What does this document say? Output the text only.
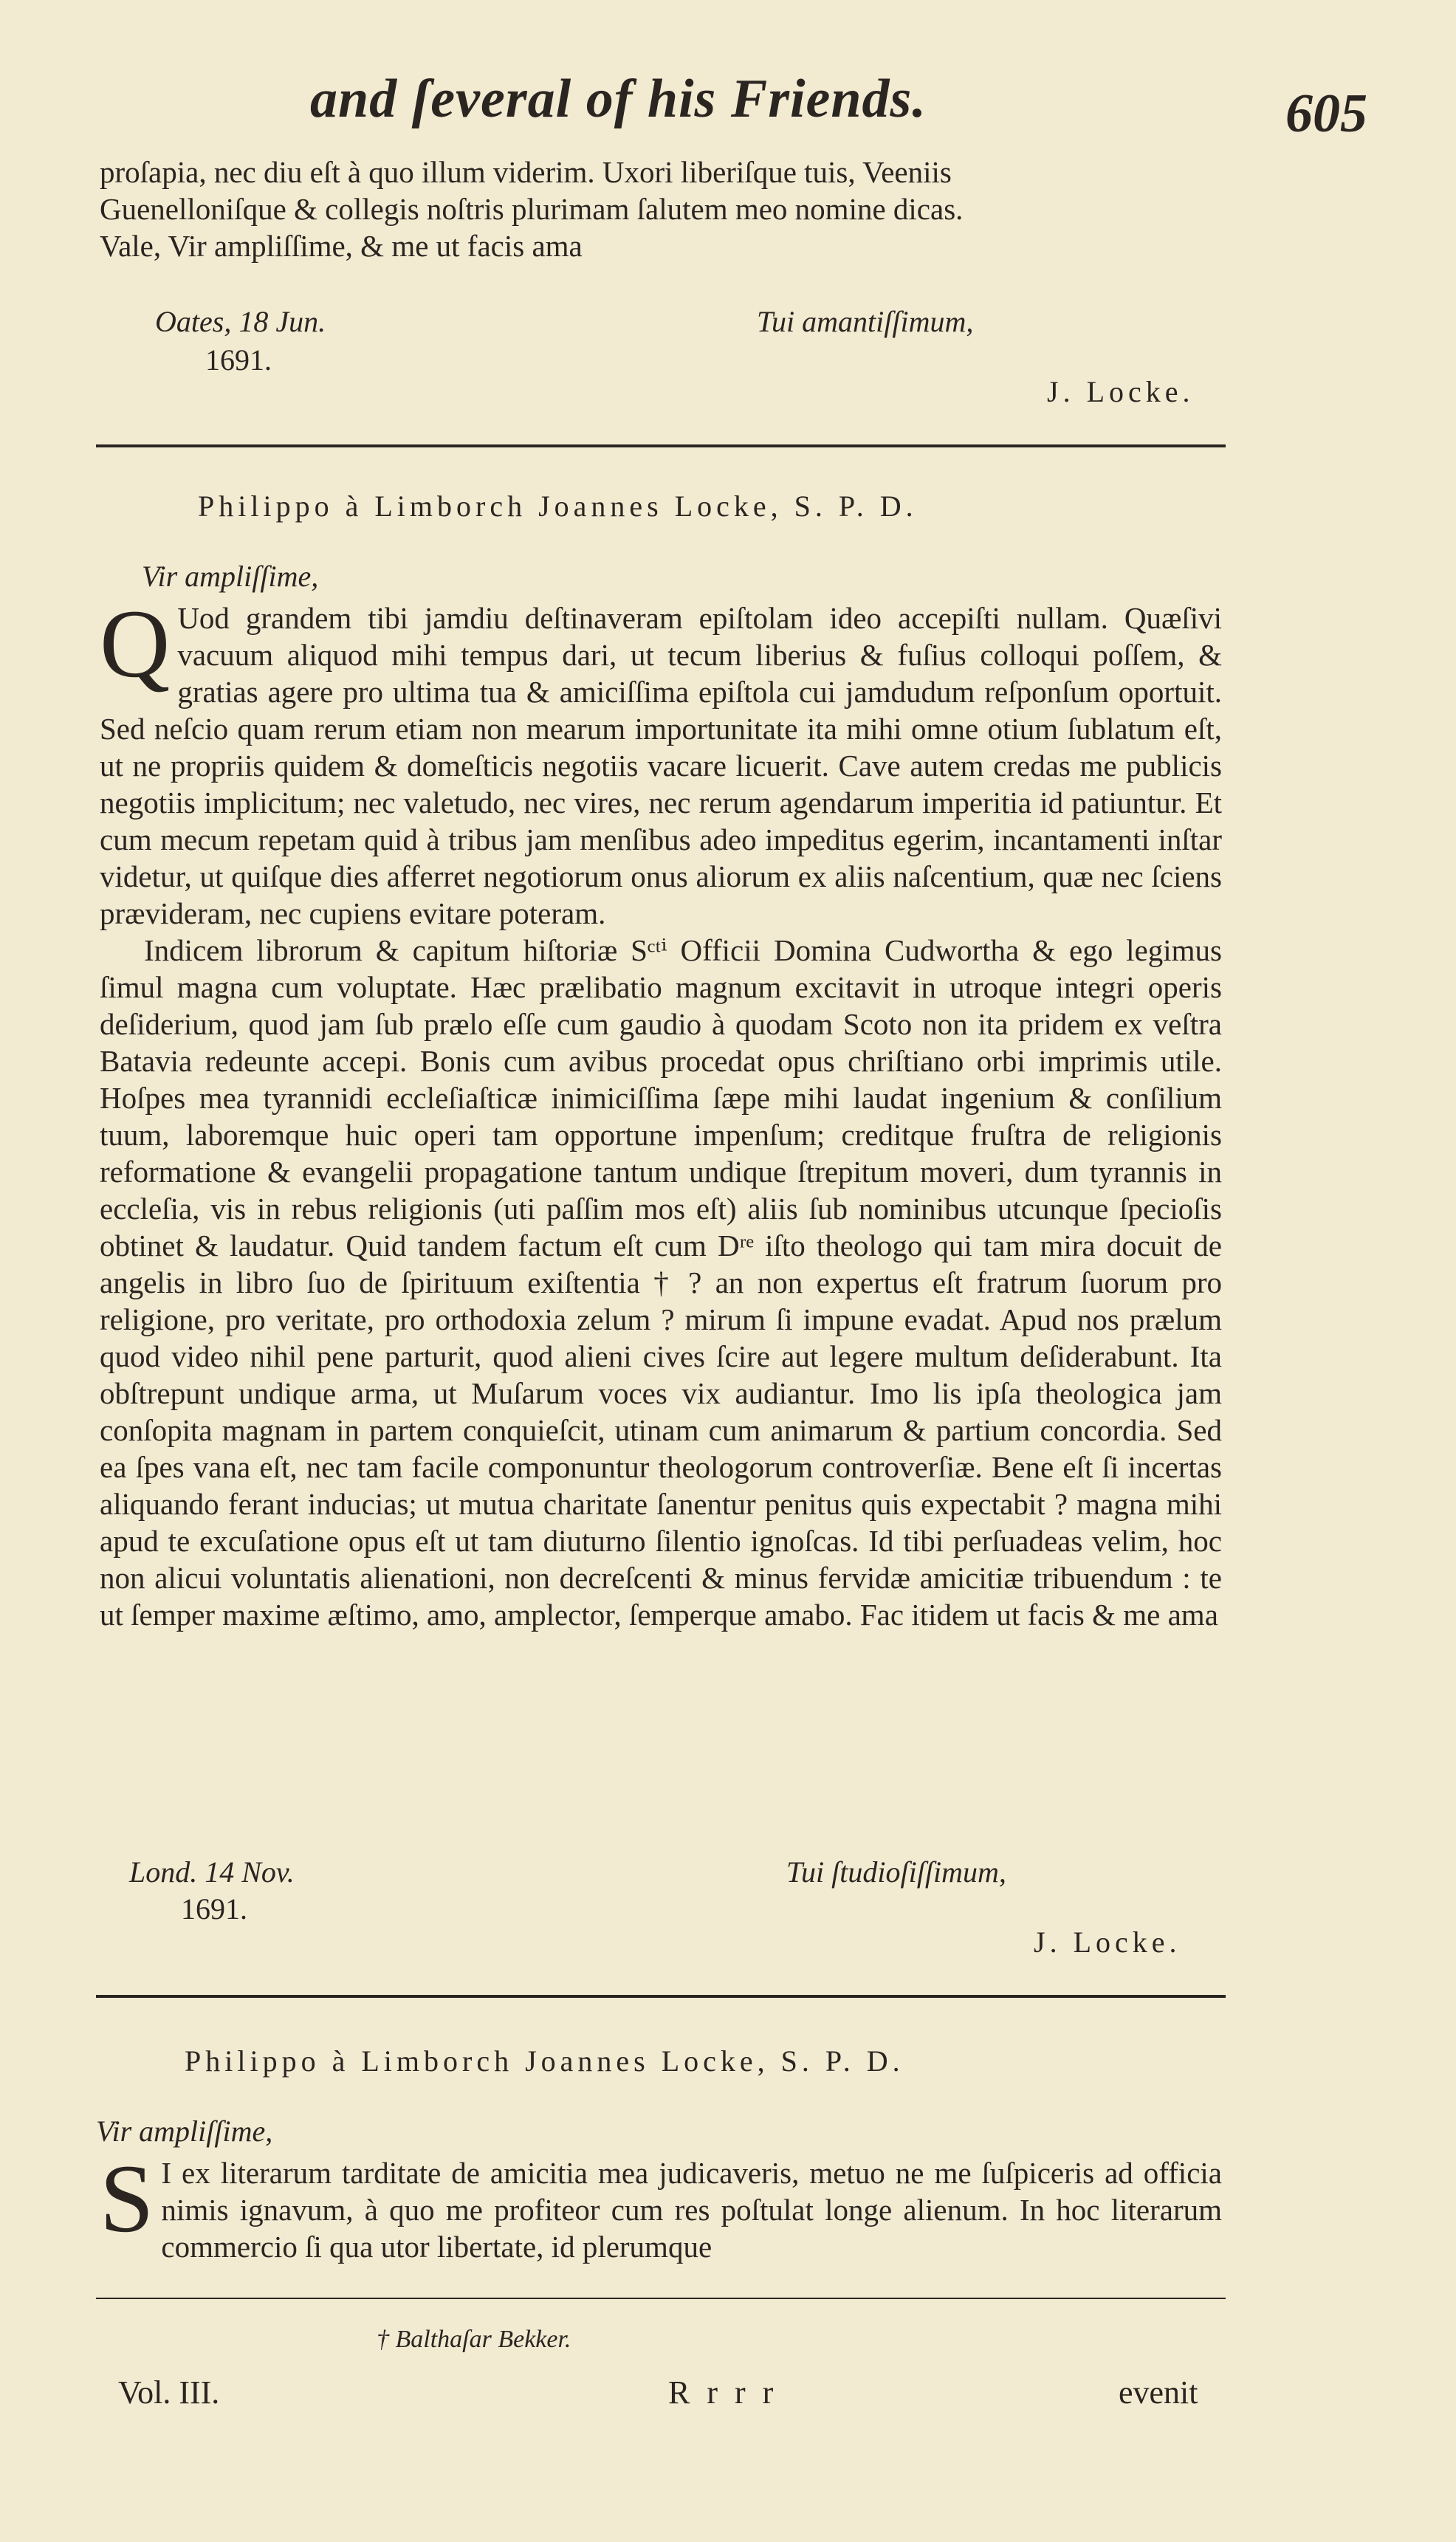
and ſeveral of his Friends.	605

proſapia, nec diu eſt à quo illum viderim. Uxori liberiſque tuis, Veeniis

Guenelloniſque & collegis noſtris plurimam ſalutem meo nomine dicas.

Vale, Vir ampliſſime, & me ut facis ama

Oates, 18 Jun.
1691.
Tui amantiſſimum,
J. Locke.
Philippo à Limborch Joannes Locke, S. P. D.
Vir ampliſſime,

Q Uod grandem tibi jamdiu deſtinaveram epiſtolam ideo accepiſti nullam. Quæſivi vacuum aliquod mihi tempus dari, ut tecum liberius & fuſius colloqui poſſem, & gratias agere pro ultima tua & amiciſſima epiſtola cui jamdudum reſponſum oportuit. Sed neſcio quam rerum etiam non mearum importunitate ita mihi omne otium ſublatum eſt, ut ne propriis quidem & domeſticis negotiis vacare licuerit. Cave autem credas me publicis negotiis implicitum; nec valetudo, nec vires, nec rerum agendarum imperitia id patiuntur. Et cum mecum repetam quid à tribus jam menſibus adeo impeditus egerim, incantamenti inſtar videtur, ut quiſque dies afferret negotiorum onus aliorum ex aliis naſcentium, quæ nec ſciens prævideram, nec cupiens evitare poteram.

Indicem librorum & capitum hiſtoriæ Sᶜᵗⁱ Officii Domina Cudwortha & ego legimus ſimul magna cum voluptate. Hæc prælibatio magnum excitavit in utroque integri operis deſiderium, quod jam ſub prælo eſſe cum gaudio à quodam Scoto non ita pridem ex veſtra Batavia redeunte accepi. Bonis cum avibus procedat opus chriſtiano orbi imprimis utile. Hoſpes mea tyrannidi eccleſiaſticæ inimiciſſima ſæpe mihi laudat ingenium & conſilium tuum, laboremque huic operi tam opportune impenſum; creditque fruſtra de religionis reformatione & evangelii propagatione tantum undique ſtrepitum moveri, dum tyrannis in eccleſia, vis in rebus religionis (uti paſſim mos eſt) aliis ſub nominibus utcunque ſpecioſis obtinet & laudatur. Quid tandem factum eſt cum Dʳᵉ iſto theologo qui tam mira docuit de angelis in libro ſuo de ſpirituum exiſtentia † ? an non expertus eſt fratrum ſuorum pro religione, pro veritate, pro orthodoxia zelum ? mirum ſi impune evadat. Apud nos prælum quod video nihil pene parturit, quod alieni cives ſcire aut legere multum deſiderabunt. Ita obſtrepunt undique arma, ut Muſarum voces vix audiantur. Imo lis ipſa theologica jam conſopita magnam in partem conquieſcit, utinam cum animarum & partium concordia. Sed ea ſpes vana eſt, nec tam facile componuntur theologorum controverſiæ. Bene eſt ſi incertas aliquando ferant inducias; ut mutua charitate ſanentur penitus quis expectabit ? magna mihi apud te excuſatione opus eſt ut tam diuturno ſilentio ignoſcas. Id tibi perſuadeas velim, hoc non alicui voluntatis alienationi, non decreſcenti & minus fervidæ amicitiæ tribuendum : te ut ſemper maxime æſtimo, amo, amplector, ſemperque amabo. Fac itidem ut facis & me ama

Lond. 14 Nov.
1691.
Tui ſtudioſiſſimum,
J. Locke.
Philippo à Limborch Joannes Locke, S. P. D.
Vir ampliſſime,

S I ex literarum tarditate de amicitia mea judicaveris, metuo ne me ſuſpiceris ad officia nimis ignavum, à quo me profiteor cum res poſtulat longe alienum. In hoc literarum commercio ſi qua utor libertate, id plerumque

† Balthaſar Bekker.
Vol. III.	R r r r	evenit
